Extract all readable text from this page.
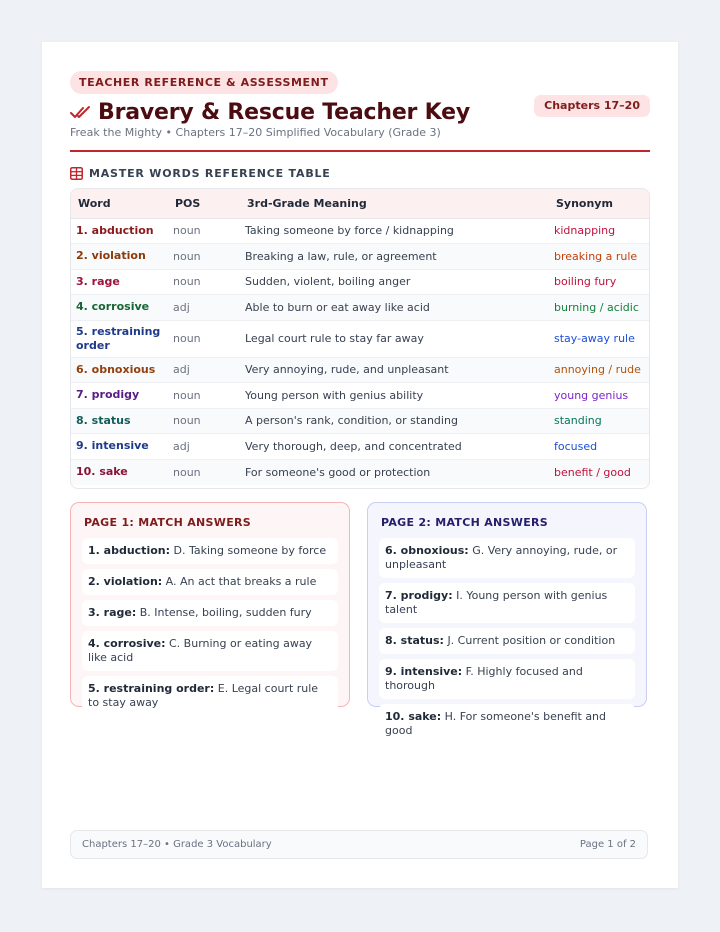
TEACHER REFERENCE & ASSESSMENT
Bravery & Rescue Teacher Key	Chapters 17–20
Freak the Mighty • Chapters 17–20 Simplified Vocabulary (Grade 3)
MASTER WORDS REFERENCE TABLE
Word	POS	3rd-Grade Meaning	Synonym
1. abduction	noun	Taking someone by force / kidnapping	kidnapping
2. violation	noun	Breaking a law, rule, or agreement	breaking a rule
3. rage	noun	Sudden, violent, boiling anger	boiling fury
4. corrosive	adj	Able to burn or eat away like acid	burning / acidic
5. restraining order	noun	Legal court rule to stay far away	stay-away rule
6. obnoxious	adj	Very annoying, rude, and unpleasant	annoying / rude
7. prodigy	noun	Young person with genius ability	young genius
8. status	noun	A person's rank, condition, or standing	standing
9. intensive	adj	Very thorough, deep, and concentrated	focused
10. sake	noun	For someone's good or protection	benefit / good
PAGE 1: MATCH ANSWERS
1. abduction: D. Taking someone by force
2. violation: A. An act that breaks a rule
3. rage: B. Intense, boiling, sudden fury
4. corrosive: C. Burning or eating away like acid
5. restraining order: E. Legal court rule to stay away
PAGE 2: MATCH ANSWERS
6. obnoxious: G. Very annoying, rude, or unpleasant
7. prodigy: I. Young person with genius talent
8. status: J. Current position or condition
9. intensive: F. Highly focused and thorough
10. sake: H. For someone's benefit and good
Chapters 17–20 • Grade 3 Vocabulary	Page 1 of 2
